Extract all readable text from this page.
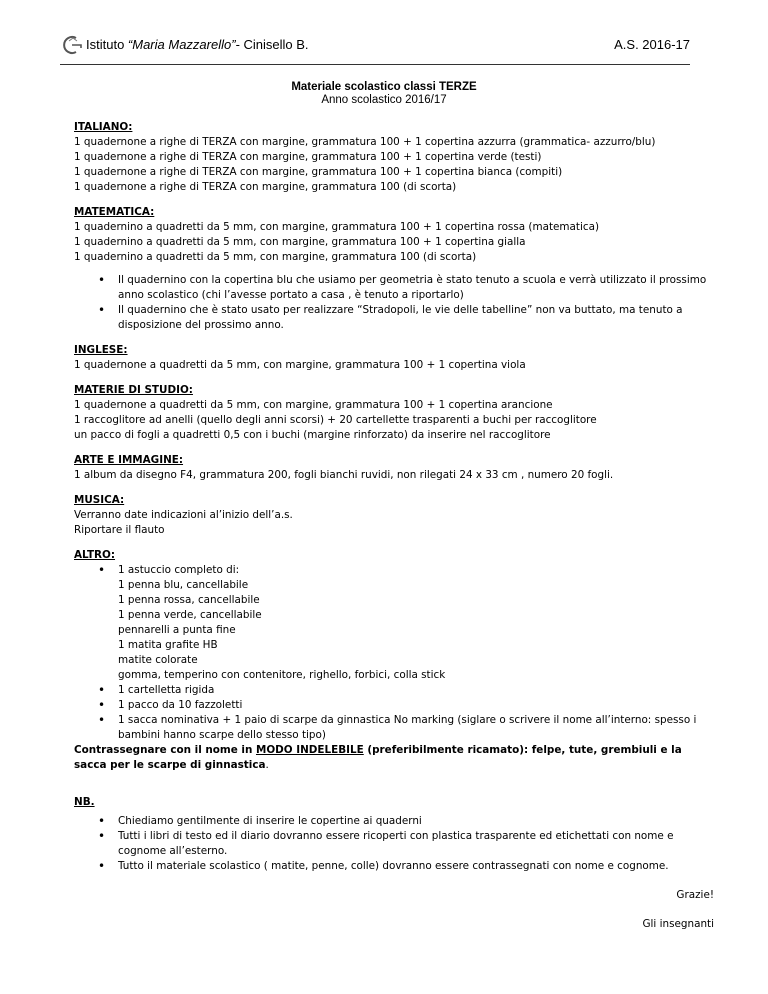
Istituto “Maria Mazzarello”- Cinisello B.	A.S. 2016-17
Materiale scolastico classi TERZE
Anno scolastico 2016/17
ITALIANO:
1 quadernone a righe di TERZA con margine, grammatura 100 + 1 copertina azzurra (grammatica- azzurro/blu)
1 quadernone a righe di TERZA con margine, grammatura 100 + 1 copertina verde (testi)
1 quadernone a righe di TERZA con margine, grammatura 100 + 1 copertina bianca (compiti)
1 quadernone a righe di TERZA con margine, grammatura 100 (di scorta)
MATEMATICA:
1 quadernino a quadretti da 5 mm, con margine, grammatura 100 + 1 copertina rossa (matematica)
1 quadernino a quadretti da 5 mm, con margine, grammatura 100 + 1 copertina gialla
1 quadernino a quadretti da 5 mm, con margine, grammatura 100 (di scorta)
• Il quadernino con la copertina blu che usiamo per geometria è stato tenuto a scuola e verrà utilizzato il prossimo anno scolastico (chi l’avesse portato a casa , è tenuto a riportarlo)
• Il quadernino che è stato usato per realizzare “Stradopoli, le vie delle tabelline” non va buttato, ma tenuto a disposizione del prossimo anno.
INGLESE:
1 quadernone a quadretti da 5 mm, con margine, grammatura 100 + 1 copertina viola
MATERIE DI STUDIO:
1 quadernone a quadretti da 5 mm, con margine, grammatura 100 + 1 copertina arancione
1 raccoglitore ad anelli (quello degli anni scorsi) + 20 cartellette trasparenti a buchi per raccoglitore
un pacco di fogli a quadretti 0,5 con i buchi (margine rinforzato) da inserire nel raccoglitore
ARTE E IMMAGINE:
1 album da disegno F4, grammatura 200, fogli bianchi ruvidi, non rilegati 24 x 33 cm , numero 20 fogli.
MUSICA:
Verranno date indicazioni al’inizio dell’a.s.
Riportare il flauto
ALTRO:
• 1 astuccio completo di:
1 penna blu, cancellabile
1 penna rossa, cancellabile
1 penna verde, cancellabile
pennarelli a punta fine
1 matita grafite HB
matite colorate
gomma, temperino con contenitore, righello, forbici, colla stick
• 1 cartelletta rigida
• 1 pacco da 10 fazzoletti
• 1 sacca nominativa + 1 paio di scarpe da ginnastica No marking (siglare o scrivere il nome all’interno: spesso i bambini hanno scarpe dello stesso tipo)
Contrassegnare con il nome in MODO INDELEBILE (preferibilmente ricamato): felpe, tute, grembiuli e la sacca per le scarpe di ginnastica.
NB.
• Chiediamo gentilmente di inserire le copertine ai quaderni
• Tutti i libri di testo ed il diario dovranno essere ricoperti con plastica trasparente ed etichettati con nome e cognome all’esterno.
• Tutto il materiale scolastico ( matite, penne, colle) dovranno essere contrassegnati con nome e cognome.
Grazie!
Gli insegnanti
